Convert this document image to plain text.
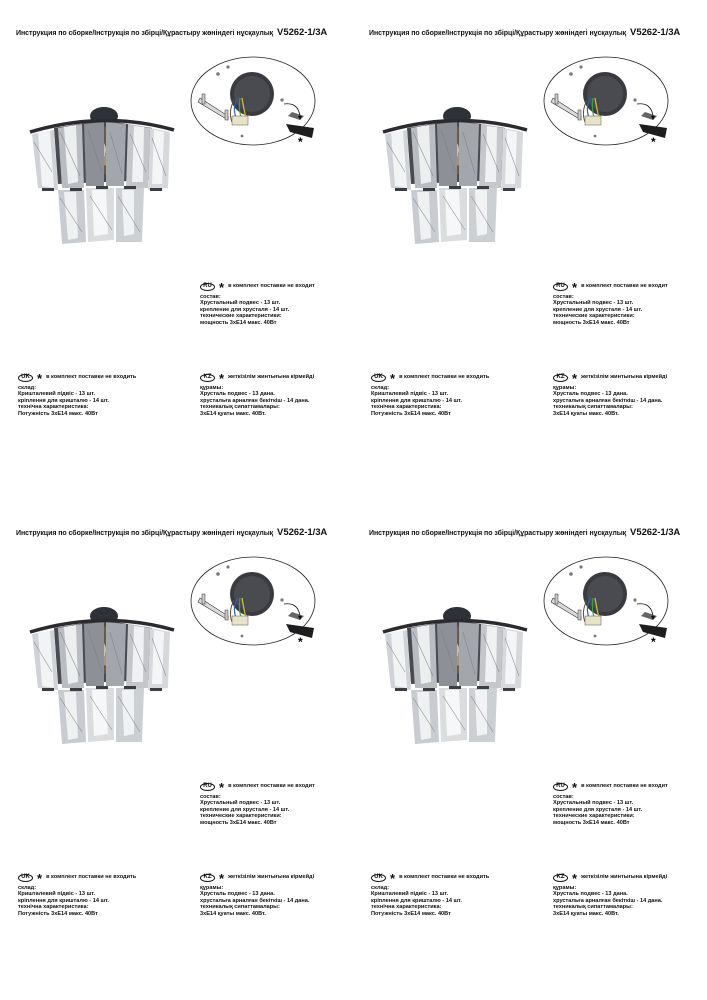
Инструкция по сборке/Інструкція по збірці/Құрастыру жөніндегі нұсқаулық V5262-1/3A
RU * в комплект поставки не входит
состав:
Хрустальный подвес - 13 шт.
крепление для хрусталя - 14 шт.
технические характеристики:
мощность 3хЕ14 макс. 40Вт
UK * в комплект поставки не входить
склад:
Кришталевий підвіс - 13 шт.
кріплення для кришталю - 14 шт.
технічна характеристика:
Потужність 3хЕ14 макс. 40Вт
KZ * жеткізілім жинтығына кірмейді
құрамы:
Хрусталь подвес - 13 дана.
хрустальға арналған бекіткіш - 14 дана.
техникалық сипаттамалары:
3хЕ14 қуаты макс. 40Вт.
Инструкция по сборке/Інструкція по збірці/Құрастыру жөніндегі нұсқаулық V5262-1/3A
RU * в комплект поставки не входит
состав:
Хрустальный подвес - 13 шт.
крепление для хрусталя - 14 шт.
технические характеристики:
мощность 3хЕ14 макс. 40Вт
UK * в комплект поставки не входить
склад:
Кришталевий підвіс - 13 шт.
кріплення для кришталю - 14 шт.
технічна характеристика:
Потужність 3хЕ14 макс. 40Вт
KZ * жеткізілім жинтығына кірмейді
құрамы:
Хрусталь подвес - 13 дана.
хрустальға арналған бекіткіш - 14 дана.
техникалық сипаттамалары:
3хЕ14 қуаты макс. 40Вт.
Инструкция по сборке/Інструкція по збірці/Құрастыру жөніндегі нұсқаулық V5262-1/3A
RU * в комплект поставки не входит
состав:
Хрустальный подвес - 13 шт.
крепление для хрусталя - 14 шт.
технические характеристики:
мощность 3хЕ14 макс. 40Вт
UK * в комплект поставки не входить
склад:
Кришталевий підвіс - 13 шт.
кріплення для кришталю - 14 шт.
технічна характеристика:
Потужність 3хЕ14 макс. 40Вт
KZ * жеткізілім жинтығына кірмейді
құрамы:
Хрусталь подвес - 13 дана.
хрустальға арналған бекіткіш - 14 дана.
техникалық сипаттамалары:
3хЕ14 қуаты макс. 40Вт.
Инструкция по сборке/Інструкція по збірці/Құрастыру жөніндегі нұсқаулық V5262-1/3A
RU * в комплект поставки не входит
состав:
Хрустальный подвес - 13 шт.
крепление для хрусталя - 14 шт.
технические характеристики:
мощность 3хЕ14 макс. 40Вт
UK * в комплект поставки не входить
склад:
Кришталевий підвіс - 13 шт.
кріплення для кришталю - 14 шт.
технічна характеристика:
Потужність 3хЕ14 макс. 40Вт
KZ * жеткізілім жинтығына кірмейді
құрамы:
Хрусталь подвес - 13 дана.
хрустальға арналған бекіткіш - 14 дана.
техникалық сипаттамалары:
3хЕ14 қуаты макс. 40Вт.
